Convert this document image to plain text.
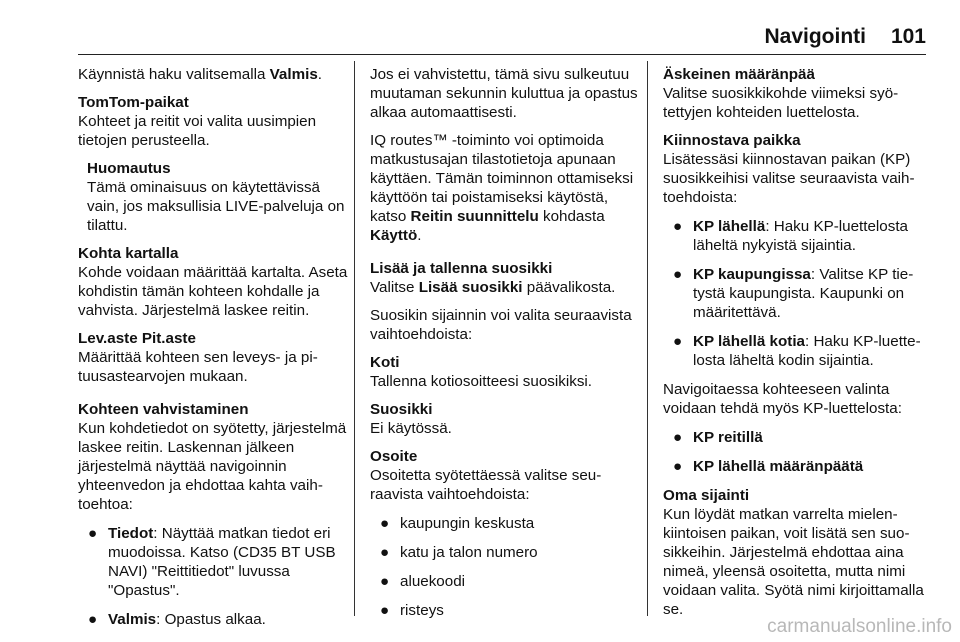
Navigointi 101

Käynnistä haku valitsemalla Valmis.

TomTom-paikat

Kohteet ja reitit voi valita uusimpien tietojen perusteella.

Huomautus
Tämä ominaisuus on käytettävissä vain, jos maksullisia LIVE-palveluja on tilattu.
Kohta kartalla

Kohde voidaan määrittää kartalta. Aseta kohdistin tämän kohteen kohdalle ja vahvista. Järjestelmä laskee reitin.

Lev.aste Pit.aste

Määrittää kohteen sen leveys- ja pituusastearvojen mukaan.

Kohteen vahvistaminen

Kun kohdetiedot on syötetty, järjestelmä laskee reitin. Laskennan jälkeen järjestelmä näyttää navigoinnin yhteenvedon ja ehdottaa kahta vaihtoehtoa:

● Tiedot: Näyttää matkan tiedot eri muodoissa. Katso (CD35 BT USB NAVI) "Reittitiedot" luvussa "Opastus".
● Valmis: Opastus alkaa.

Jos ei vahvistettu, tämä sivu sulkeutuu muutaman sekunnin kuluttua ja opastus alkaa automaattisesti.

IQ routes™ -toiminto voi optimoida matkustusajan tilastotietoja apunaan käyttäen. Tämän toiminnon ottamiseksi käyttöön tai poistamiseksi käytöstä, katso Reitin suunnittelu kohdasta Käyttö.

Lisää ja tallenna suosikki

Valitse Lisää suosikki päävalikosta.

Suosikin sijainnin voi valita seuraavista vaihtoehdoista:

Koti

Tallenna kotiosoitteesi suosikiksi.

Suosikki

Ei käytössä.

Osoite

Osoitetta syötettäessä valitse seuraavista vaihtoehdoista:

● kaupungin keskusta
● katu ja talon numero
● aluekoodi
● risteys
Äskeinen määränpää

Valitse suosikkikohde viimeksi syötettyjen kohteiden luettelosta.

Kiinnostava paikka

Lisätessäsi kiinnostavan paikan (KP) suosikkeihisi valitse seuraavista vaihtoehdoista:

● KP lähellä: Haku KP-luettelosta läheltä nykyistä sijaintia.
● KP kaupungissa: Valitse KP tietystä kaupungista. Kaupunki on määritettävä.
● KP lähellä kotia: Haku KP-luettelosta läheltä kodin sijaintia.

Navigoitaessa kohteeseen valinta voidaan tehdä myös KP-luettelosta:

● KP reitillä
● KP lähellä määränpäätä
Oma sijainti

Kun löydät matkan varrelta mielenkiintoisen paikan, voit lisätä sen suosikkeihin. Järjestelmä ehdottaa aina nimeä, yleensä osoitetta, mutta nimi voidaan valita. Syötä nimi kirjoittamalla se.

carmanualsonline.info
